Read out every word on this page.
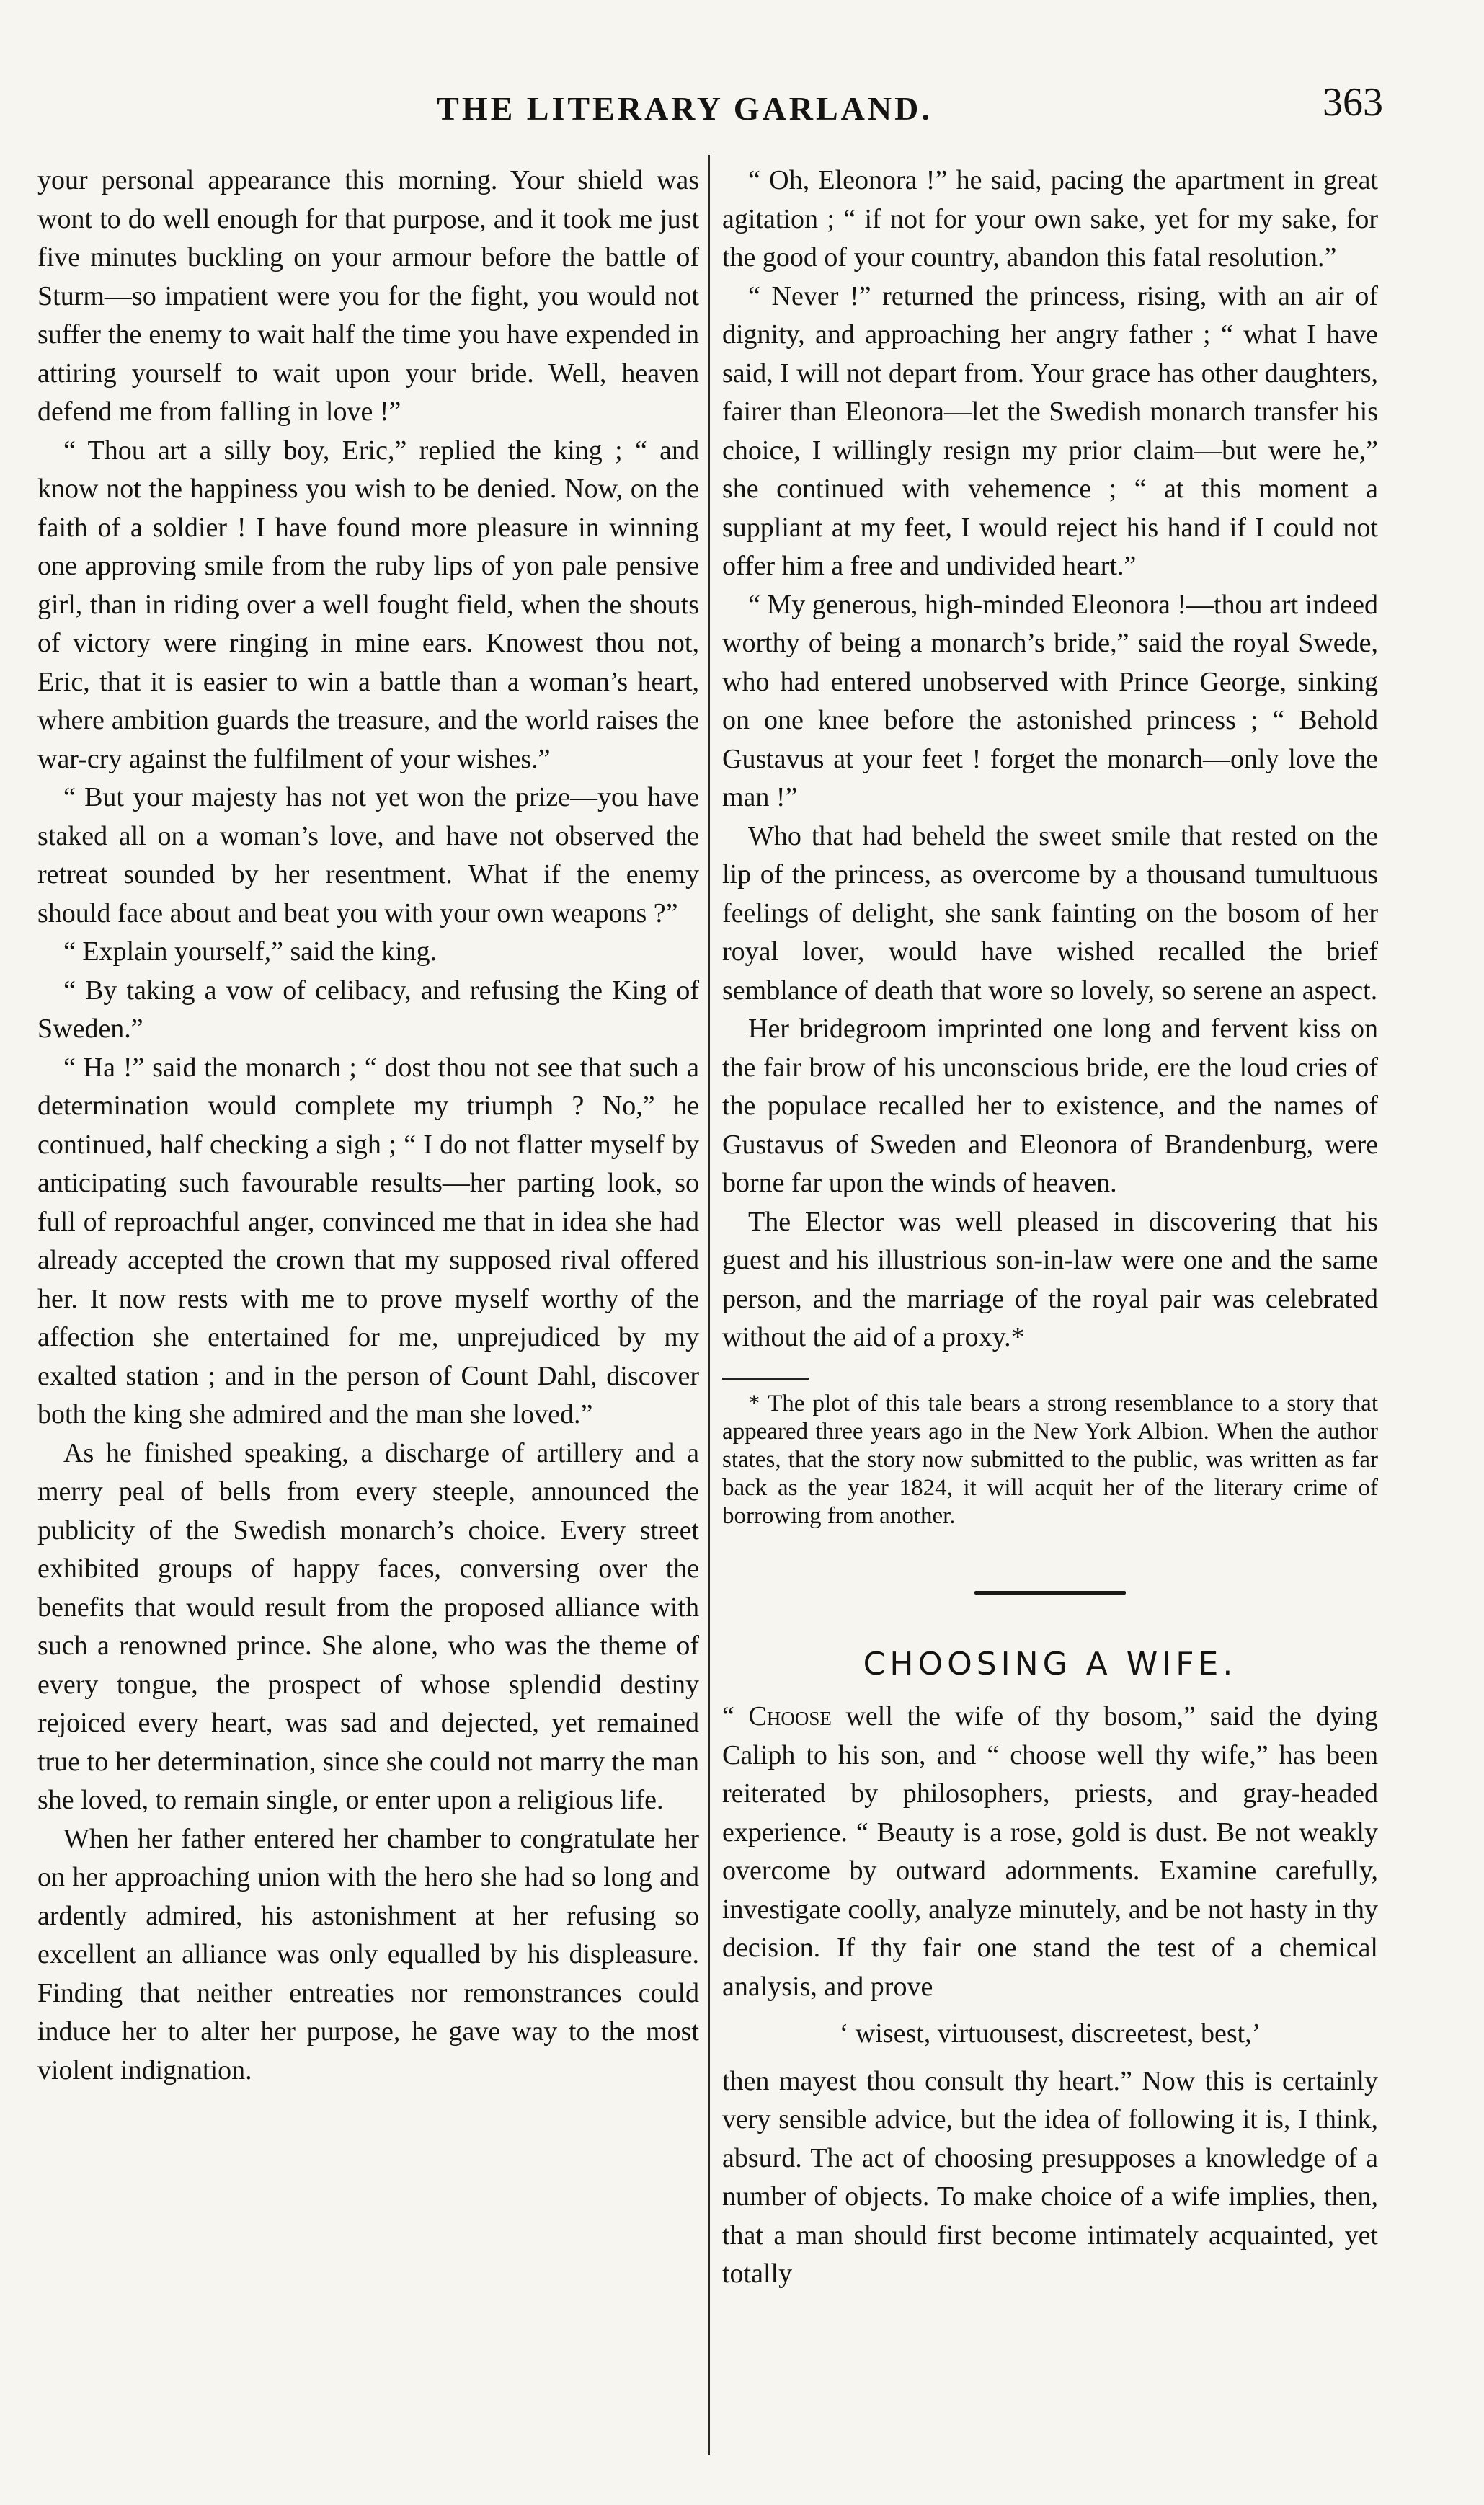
THE LITERARY GARLAND.	363

your personal appearance this morning. Your shield was wont to do well enough for that purpose, and it took me just five minutes buckling on your armour before the battle of Sturm—so impatient were you for the fight, you would not suffer the enemy to wait half the time you have expended in attiring yourself to wait upon your bride. Well, heaven defend me from falling in love !”

“ Thou art a silly boy, Eric,” replied the king ; “ and know not the happiness you wish to be denied. Now, on the faith of a soldier ! I have found more pleasure in winning one approving smile from the ruby lips of yon pale pensive girl, than in riding over a well fought field, when the shouts of victory were ringing in mine ears. Knowest thou not, Eric, that it is easier to win a battle than a woman’s heart, where ambition guards the treasure, and the world raises the war-cry against the fulfilment of your wishes.”

“ But your majesty has not yet won the prize—you have staked all on a woman’s love, and have not observed the retreat sounded by her resentment. What if the enemy should face about and beat you with your own weapons ?”

“ Explain yourself,” said the king.

“ By taking a vow of celibacy, and refusing the King of Sweden.”

“ Ha !” said the monarch ; “ dost thou not see that such a determination would complete my triumph ? No,” he continued, half checking a sigh ; “ I do not flatter myself by anticipating such favourable results—her parting look, so full of reproachful anger, convinced me that in idea she had already accepted the crown that my supposed rival offered her. It now rests with me to prove myself worthy of the affection she entertained for me, unprejudiced by my exalted station ; and in the person of Count Dahl, discover both the king she admired and the man she loved.”

As he finished speaking, a discharge of artillery and a merry peal of bells from every steeple, announced the publicity of the Swedish monarch’s choice. Every street exhibited groups of happy faces, conversing over the benefits that would result from the proposed alliance with such a renowned prince. She alone, who was the theme of every tongue, the prospect of whose splendid destiny rejoiced every heart, was sad and dejected, yet remained true to her determination, since she could not marry the man she loved, to remain single, or enter upon a religious life.

When her father entered her chamber to congratulate her on her approaching union with the hero she had so long and ardently admired, his astonishment at her refusing so excellent an alliance was only equalled by his displeasure. Finding that neither entreaties nor remonstrances could induce her to alter her purpose, he gave way to the most violent indignation.

“ Oh, Eleonora !” he said, pacing the apartment in great agitation ; “ if not for your own sake, yet for my sake, for the good of your country, abandon this fatal resolution.”

“ Never !” returned the princess, rising, with an air of dignity, and approaching her angry father ; “ what I have said, I will not depart from. Your grace has other daughters, fairer than Eleonora—let the Swedish monarch transfer his choice, I willingly resign my prior claim—but were he,” she continued with vehemence ; “ at this moment a suppliant at my feet, I would reject his hand if I could not offer him a free and undivided heart.”

“ My generous, high-minded Eleonora !—thou art indeed worthy of being a monarch’s bride,” said the royal Swede, who had entered unobserved with Prince George, sinking on one knee before the astonished princess ; “ Behold Gustavus at your feet ! forget the monarch—only love the man !”

Who that had beheld the sweet smile that rested on the lip of the princess, as overcome by a thousand tumultuous feelings of delight, she sank fainting on the bosom of her royal lover, would have wished recalled the brief semblance of death that wore so lovely, so serene an aspect.

Her bridegroom imprinted one long and fervent kiss on the fair brow of his unconscious bride, ere the loud cries of the populace recalled her to existence, and the names of Gustavus of Sweden and Eleonora of Brandenburg, were borne far upon the winds of heaven.

The Elector was well pleased in discovering that his guest and his illustrious son-in-law were one and the same person, and the marriage of the royal pair was celebrated without the aid of a proxy.*

* The plot of this tale bears a strong resemblance to a story that appeared three years ago in the New York Albion. When the author states, that the story now submitted to the public, was written as far back as the year 1824, it will acquit her of the literary crime of borrowing from another.

CHOOSING A WIFE.

“ Choose well the wife of thy bosom,” said the dying Caliph to his son, and “ choose well thy wife,” has been reiterated by philosophers, priests, and gray-headed experience. “ Beauty is a rose, gold is dust. Be not weakly overcome by outward adornments. Examine carefully, investigate coolly, analyze minutely, and be not hasty in thy decision. If thy fair one stand the test of a chemical analysis, and prove

‘ wisest, virtuousest, discreetest, best,’

then mayest thou consult thy heart.” Now this is certainly very sensible advice, but the idea of following it is, I think, absurd. The act of choosing presupposes a knowledge of a number of objects. To make choice of a wife implies, then, that a man should first become intimately acquainted, yet totally
